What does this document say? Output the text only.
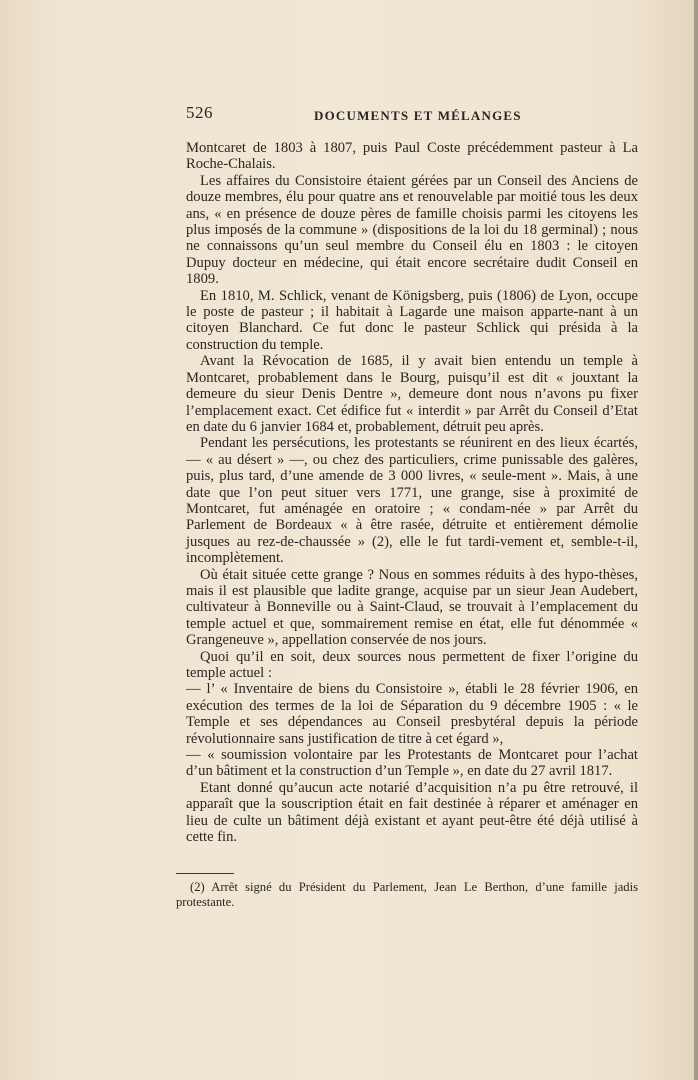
526	DOCUMENTS ET MÉLANGES

Montcaret de 1803 à 1807, puis Paul Coste précédemment pasteur à La Roche-Chalais.

Les affaires du Consistoire étaient gérées par un Conseil des Anciens de douze membres, élu pour quatre ans et renouvelable par moitié tous les deux ans, « en présence de douze pères de famille choisis parmi les citoyens les plus imposés de la commune » (dispositions de la loi du 18 germinal) ; nous ne connaissons qu’un seul membre du Conseil élu en 1803 : le citoyen Dupuy docteur en médecine, qui était encore secrétaire dudit Conseil en 1809.

En 1810, M. Schlick, venant de Königsberg, puis (1806) de Lyon, occupe le poste de pasteur ; il habitait à Lagarde une maison apparte-nant à un citoyen Blanchard. Ce fut donc le pasteur Schlick qui présida à la construction du temple.

Avant la Révocation de 1685, il y avait bien entendu un temple à Montcaret, probablement dans le Bourg, puisqu’il est dit « jouxtant la demeure du sieur Denis Dentre », demeure dont nous n’avons pu fixer l’emplacement exact. Cet édifice fut « interdit » par Arrêt du Conseil d’Etat en date du 6 janvier 1684 et, probablement, détruit peu après.

Pendant les persécutions, les protestants se réunirent en des lieux écartés, — « au désert » —, ou chez des particuliers, crime punissable des galères, puis, plus tard, d’une amende de 3 000 livres, « seule-ment ». Mais, à une date que l’on peut situer vers 1771, une grange, sise à proximité de Montcaret, fut aménagée en oratoire ; « condam-née » par Arrêt du Parlement de Bordeaux « à être rasée, détruite et entièrement démolie jusques au rez-de-chaussée » (2), elle le fut tardi-vement et, semble-t-il, incomplètement.

Où était située cette grange ? Nous en sommes réduits à des hypo-thèses, mais il est plausible que ladite grange, acquise par un sieur Jean Audebert, cultivateur à Bonneville ou à Saint-Claud, se trouvait à l’emplacement du temple actuel et que, sommairement remise en état, elle fut dénommée « Grangeneuve », appellation conservée de nos jours.

Quoi qu’il en soit, deux sources nous permettent de fixer l’origine du temple actuel :

— l’ « Inventaire de biens du Consistoire », établi le 28 février 1906, en exécution des termes de la loi de Séparation du 9 décembre 1905 : « le Temple et ses dépendances au Conseil presbytéral depuis la période révolutionnaire sans justification de titre à cet égard »,

— « soumission volontaire par les Protestants de Montcaret pour l’achat d’un bâtiment et la construction d’un Temple », en date du 27 avril 1817.

Etant donné qu’aucun acte notarié d’acquisition n’a pu être retrouvé, il apparaît que la souscription était en fait destinée à réparer et aménager en lieu de culte un bâtiment déjà existant et ayant peut-être été déjà utilisé à cette fin.

(2) Arrêt signé du Président du Parlement, Jean Le Berthon, d’une famille jadis protestante.
